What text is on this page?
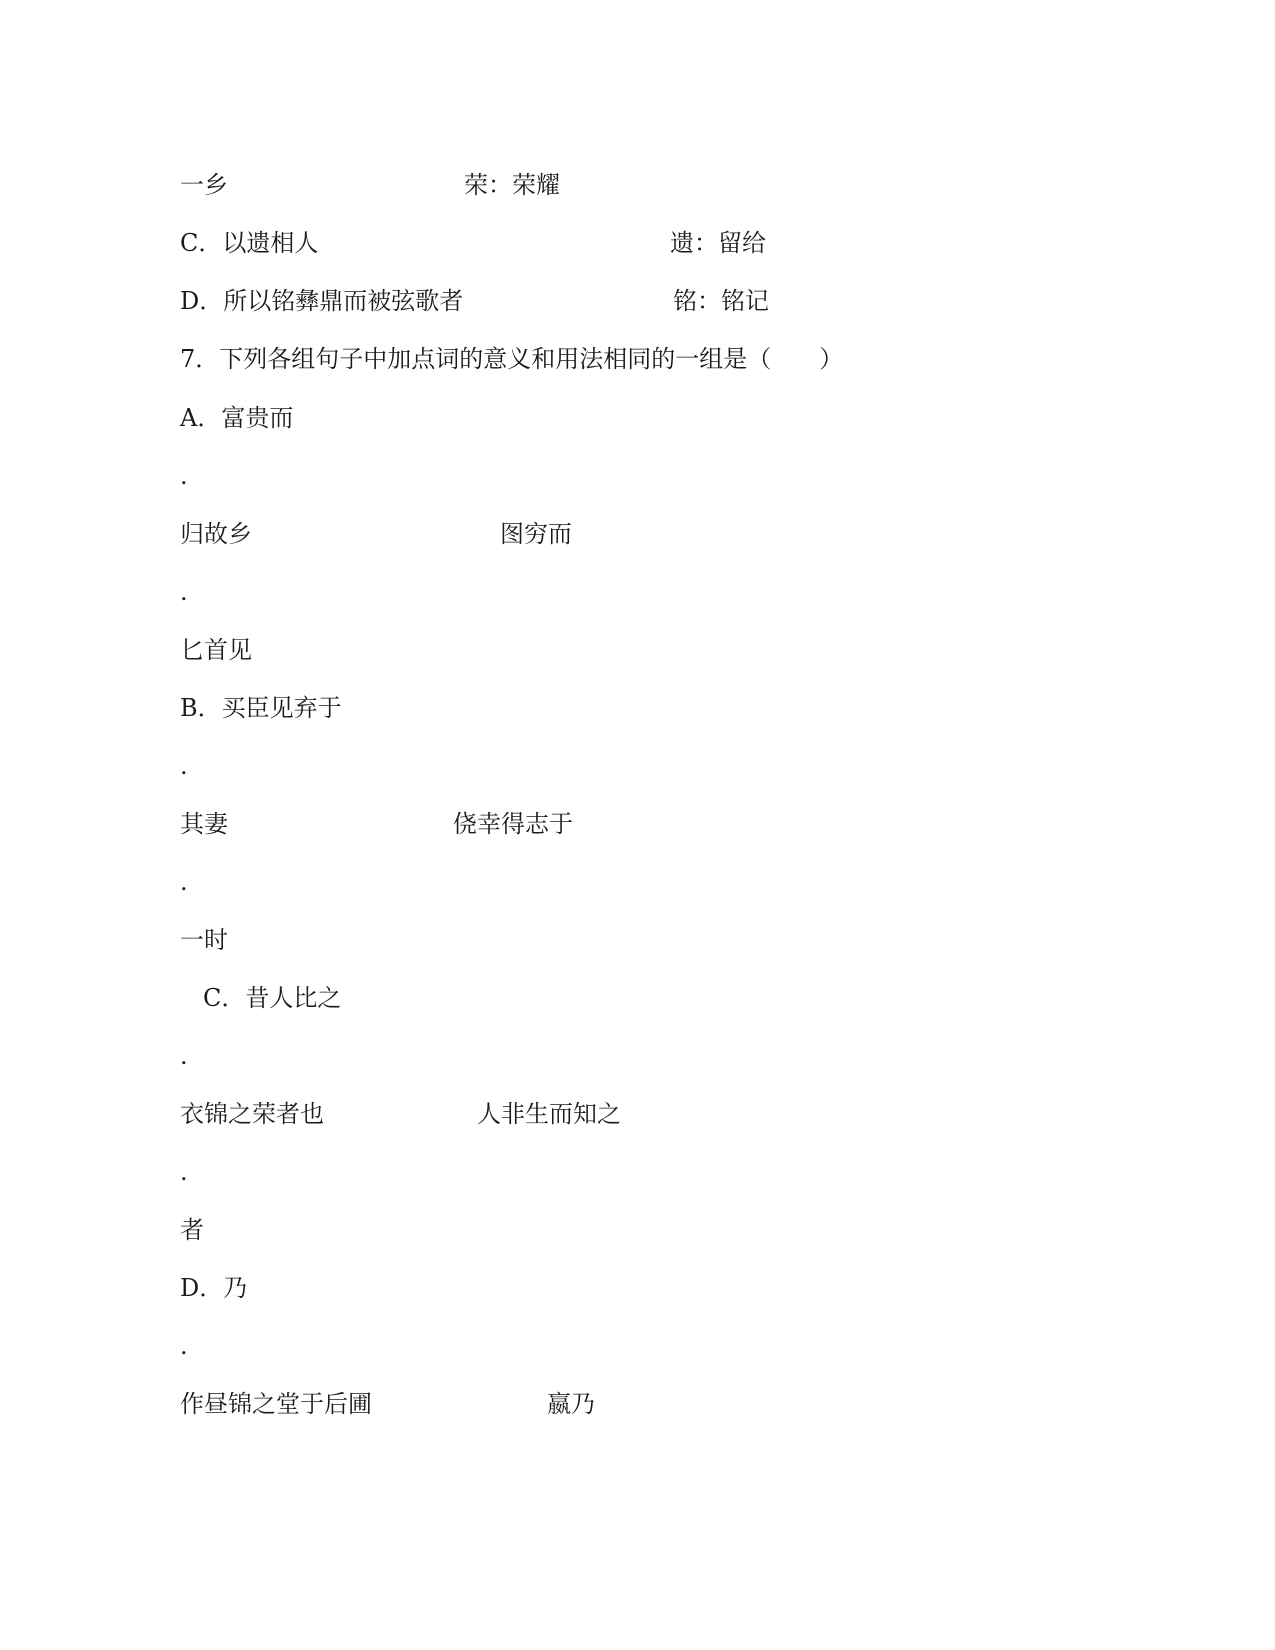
一乡	荣：荣耀
C．以遗相人	遗：留给
D．所以铭彝鼎而被弦歌者	铭：铭记
7．下列各组句子中加点词的意义和用法相同的一组是（　　）
A．富贵而
.
归故乡	图穷而
.
匕首见
B．买臣见弃于
.
其妻	侥幸得志于
.
一时
C．昔人比之
.
衣锦之荣者也	人非生而知之
.
者
D．乃
.
作昼锦之堂于后圃	嬴乃
